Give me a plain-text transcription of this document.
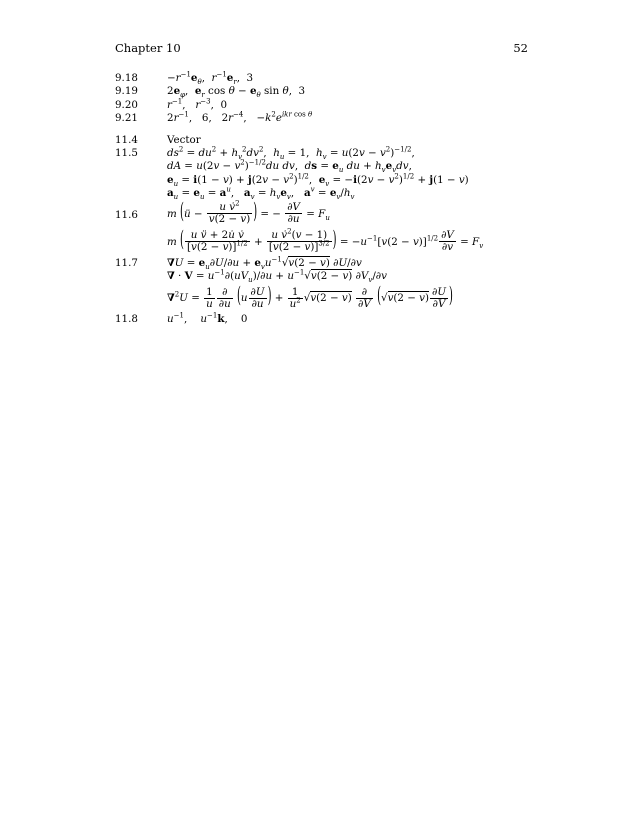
Chapter 10	52
9.18	$-r^{-1}e_\theta$,  $r^{-1}e_r$,  3
9.19	$2e_\varphi$,  $e_r$ $\cos \theta - e_\theta$ sin θ,  3
9.20	$r^{-1}$,   $r^{-3}$,  0
9.21	$2r^{-1}$,   6,   $2r^{-4}$,   $-k^2e^{ikr cos \theta}$
11.4	Vector
11.5	$ds^2 = du^2 + h_v^2dv^2$,  $h_u = 1$,  $h_v = u(2v - v^2)^{-1/2}$,
dA = $u(2v - v^2)^{-1/2}du$ dv,  ds = $e_u$ du + $h_ve_vdv$,
$e_u = i(1 - v) + j(2v - v^2)^{1/2}$,  $e_v = -i(2v - v^2)^{1/2} + j(1 - v)$
$a_u = e_u = a^u$,   $a_v = h_ve_v$,   $a^v = e_v/h_v$
11.6	m (ü − $\frac{u v̇^2}{v(2 - v)}$ ) = − $\frac{\partial V}{\partial u} = F_u$
m ( $\frac{\text{u v̈ + 2u̇ v̇}}{[v(2 - v)]^{1/2}} + \frac{u v̇^2(v - 1)}{[v(2 - v)]^{3/2}}$ ) = $-u^{-1}[v(2 - v)]^{1/2} \frac{\partial V}{\partial v} = F_v$
11.7	$\nabla U = e_u\partial U/\partial u + e_vu^{-1}√v(2 - v)$ ∂U/∂v
∇ · $V = u^{-1}\partial(uV_u)/\partial u + u^{-1}√v(2 - v)$ $\partial V_v/\partial v$
$\nabla^2U = \frac{1}{u} \frac{\partial}{\partial u} (u \frac{\partial U}{\partial u}$ ) + $\frac{1}{u^2} √v(2 - v) \frac{\partial}{\partial V} (√v(2 - v) \frac{\partial U}{\partial V}$ )
11.8	$u^{-1}$,    $u^{-1}k$,    0
